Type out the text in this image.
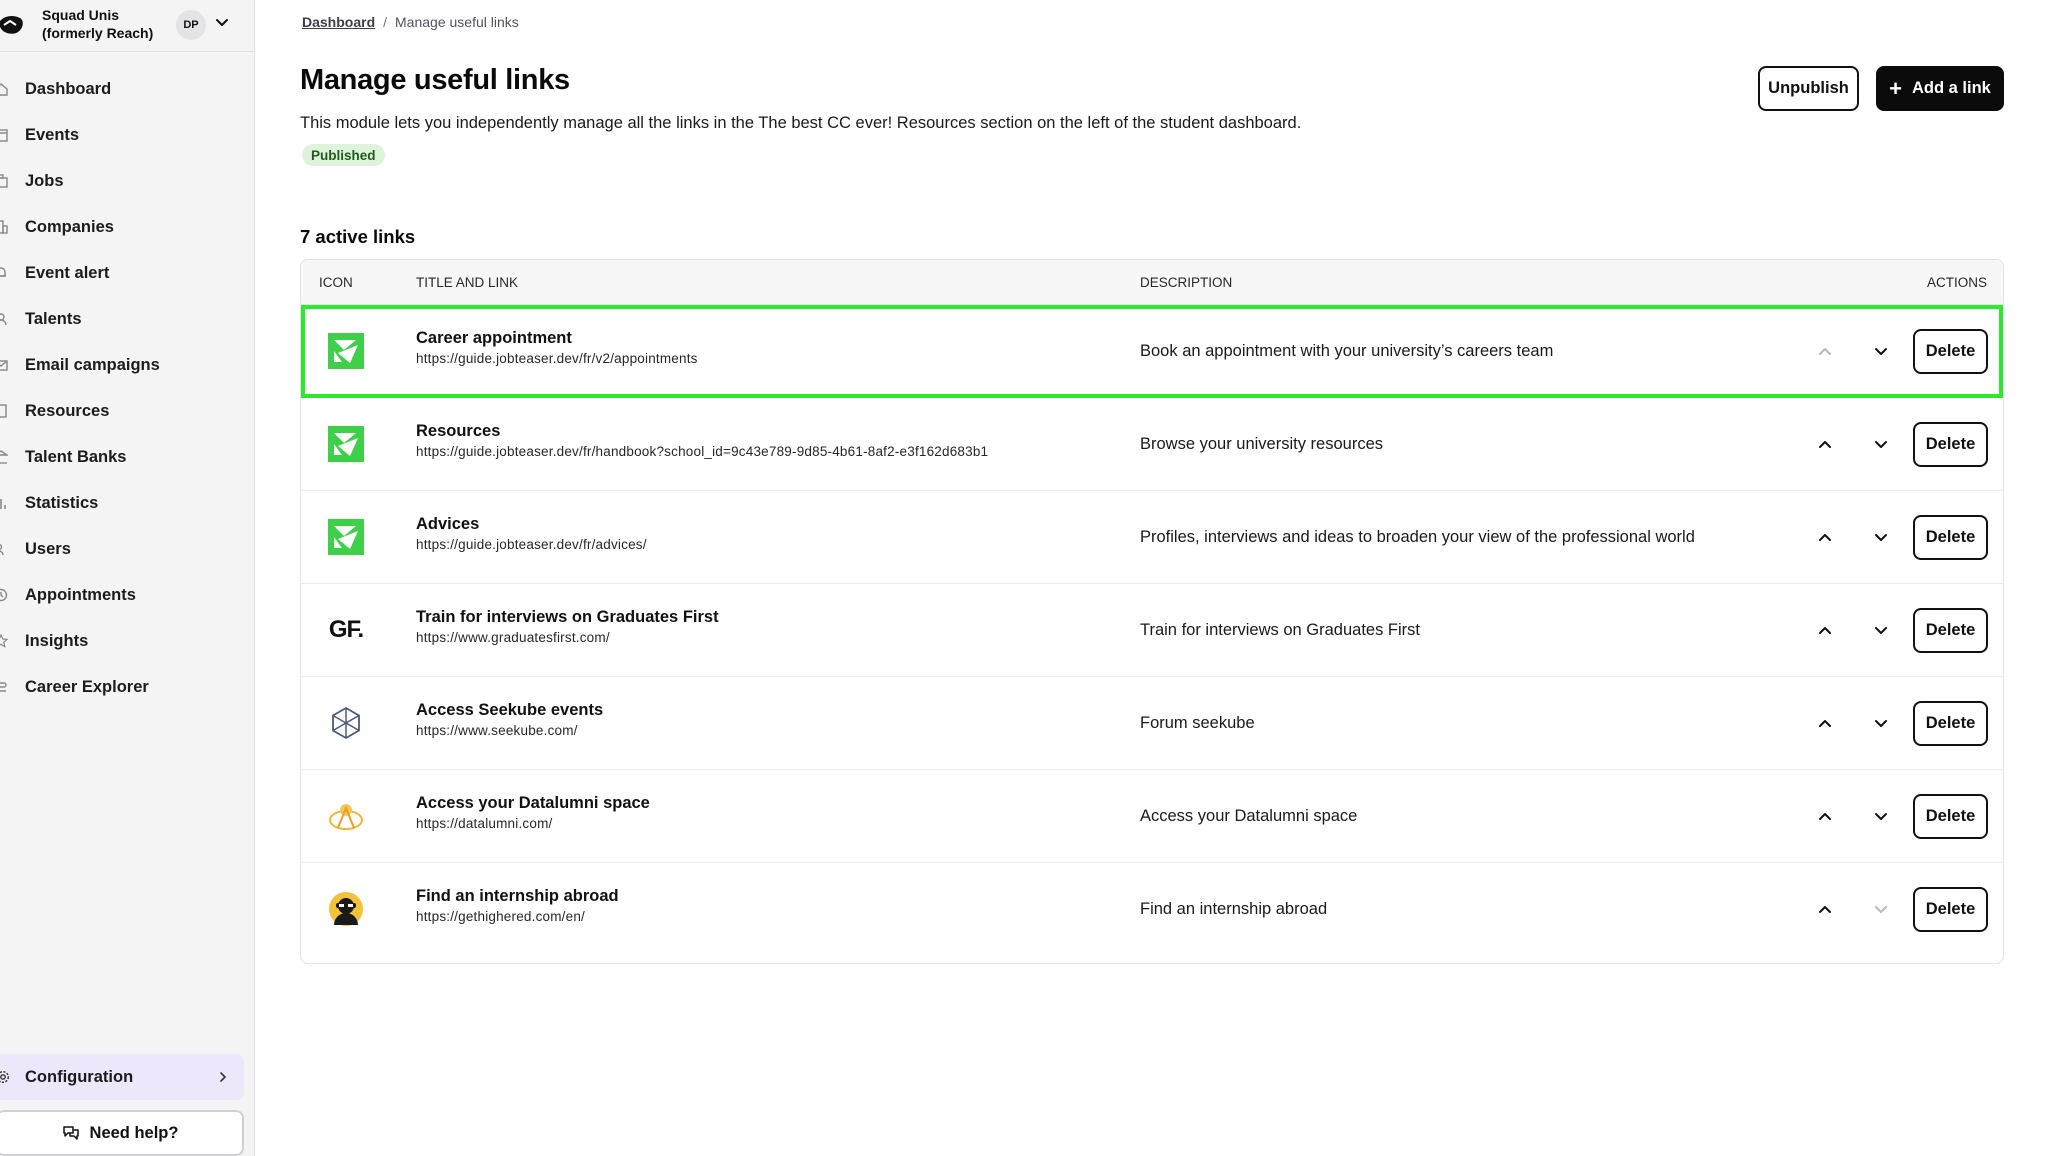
Squad Unis
(formerly Reach)	DP
Dashboard
Events
Jobs
Companies
Event alert
Talents
Email campaigns
Resources
Talent Banks
Statistics
Users
Appointments
Insights
Career Explorer
Configuration
Need help?
Dashboard / Manage useful links
Manage useful links

This module lets you independently manage all the links in the The best CC ever! Resources section on the left of the student dashboard.

Published
Unpublish	+ Add a link
7 active links
ICON	TITLE AND LINK	DESCRIPTION	ACTIONS
Career appointment
https://guide.jobteaser.dev/fr/v2/appointments	Book an appointment with your university’s careers team	Delete
Resources
https://guide.jobteaser.dev/fr/handbook?school_id=9c43e789-9d85-4b61-8af2-e3f162d683b1	Browse your university resources	Delete
Advices
https://guide.jobteaser.dev/fr/advices/	Profiles, interviews and ideas to broaden your view of the professional world	Delete
GF.	Train for interviews on Graduates First
https://www.graduatesfirst.com/	Train for interviews on Graduates First	Delete
Access Seekube events
https://www.seekube.com/	Forum seekube	Delete
Access your Datalumni space
https://datalumni.com/	Access your Datalumni space	Delete
Find an internship abroad
https://gethighered.com/en/	Find an internship abroad	Delete
